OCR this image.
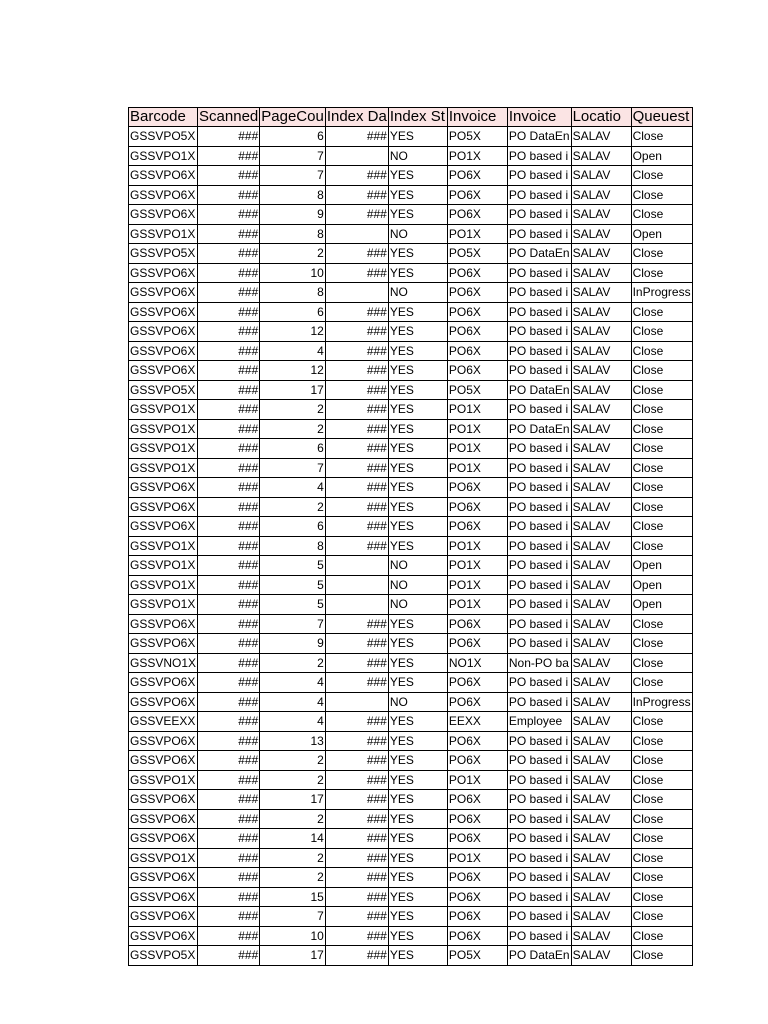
Barcode	Scanned	PageCou	Index Da	Index St	Invoice	Invoice	Locatio	Queuest
GSSVPO5X	###	6	###	YES	PO5X	PO DataEn	SALAV	Close
GSSVPO1X	###	7		NO	PO1X	PO based i	SALAV	Open
GSSVPO6X	###	7	###	YES	PO6X	PO based i	SALAV	Close
GSSVPO6X	###	8	###	YES	PO6X	PO based i	SALAV	Close
GSSVPO6X	###	9	###	YES	PO6X	PO based i	SALAV	Close
GSSVPO1X	###	8		NO	PO1X	PO based i	SALAV	Open
GSSVPO5X	###	2	###	YES	PO5X	PO DataEn	SALAV	Close
GSSVPO6X	###	10	###	YES	PO6X	PO based i	SALAV	Close
GSSVPO6X	###	8		NO	PO6X	PO based i	SALAV	InProgress
GSSVPO6X	###	6	###	YES	PO6X	PO based i	SALAV	Close
GSSVPO6X	###	12	###	YES	PO6X	PO based i	SALAV	Close
GSSVPO6X	###	4	###	YES	PO6X	PO based i	SALAV	Close
GSSVPO6X	###	12	###	YES	PO6X	PO based i	SALAV	Close
GSSVPO5X	###	17	###	YES	PO5X	PO DataEn	SALAV	Close
GSSVPO1X	###	2	###	YES	PO1X	PO based i	SALAV	Close
GSSVPO1X	###	2	###	YES	PO1X	PO DataEn	SALAV	Close
GSSVPO1X	###	6	###	YES	PO1X	PO based i	SALAV	Close
GSSVPO1X	###	7	###	YES	PO1X	PO based i	SALAV	Close
GSSVPO6X	###	4	###	YES	PO6X	PO based i	SALAV	Close
GSSVPO6X	###	2	###	YES	PO6X	PO based i	SALAV	Close
GSSVPO6X	###	6	###	YES	PO6X	PO based i	SALAV	Close
GSSVPO1X	###	8	###	YES	PO1X	PO based i	SALAV	Close
GSSVPO1X	###	5		NO	PO1X	PO based i	SALAV	Open
GSSVPO1X	###	5		NO	PO1X	PO based i	SALAV	Open
GSSVPO1X	###	5		NO	PO1X	PO based i	SALAV	Open
GSSVPO6X	###	7	###	YES	PO6X	PO based i	SALAV	Close
GSSVPO6X	###	9	###	YES	PO6X	PO based i	SALAV	Close
GSSVNO1X	###	2	###	YES	NO1X	Non-PO ba	SALAV	Close
GSSVPO6X	###	4	###	YES	PO6X	PO based i	SALAV	Close
GSSVPO6X	###	4		NO	PO6X	PO based i	SALAV	InProgress
GSSVEEXX	###	4	###	YES	EEXX	Employee	SALAV	Close
GSSVPO6X	###	13	###	YES	PO6X	PO based i	SALAV	Close
GSSVPO6X	###	2	###	YES	PO6X	PO based i	SALAV	Close
GSSVPO1X	###	2	###	YES	PO1X	PO based i	SALAV	Close
GSSVPO6X	###	17	###	YES	PO6X	PO based i	SALAV	Close
GSSVPO6X	###	2	###	YES	PO6X	PO based i	SALAV	Close
GSSVPO6X	###	14	###	YES	PO6X	PO based i	SALAV	Close
GSSVPO1X	###	2	###	YES	PO1X	PO based i	SALAV	Close
GSSVPO6X	###	2	###	YES	PO6X	PO based i	SALAV	Close
GSSVPO6X	###	15	###	YES	PO6X	PO based i	SALAV	Close
GSSVPO6X	###	7	###	YES	PO6X	PO based i	SALAV	Close
GSSVPO6X	###	10	###	YES	PO6X	PO based i	SALAV	Close
GSSVPO5X	###	17	###	YES	PO5X	PO DataEn	SALAV	Close
